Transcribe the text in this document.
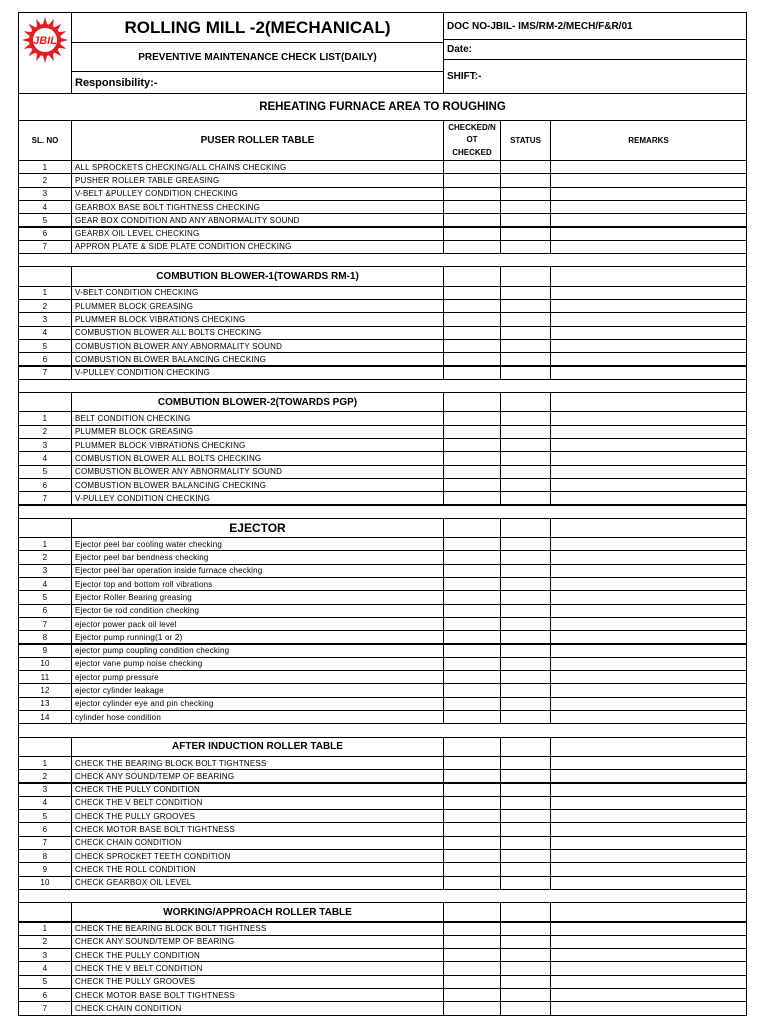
JBIL
ROLLING MILL -2(MECHANICAL)
PREVENTIVE MAINTENANCE CHECK LIST(DAILY)
Responsibility:-
DOC NO-JBIL- IMS/RM-2/MECH/F&R/01
Date:
SHIFT:-
REHEATING FURNACE AREA TO ROUGHING
SL. NO	PUSER ROLLER TABLE
CHECKED/N
OT
CHECKED
STATUS	REMARKS
1	ALL SPROCKETS CHECKING/ALL CHAINS CHECKING
2	PUSHER ROLLER TABLE GREASING
3	V-BELT &PULLEY CONDITION CHECKING
4	GEARBOX BASE BOLT TIGHTNESS CHECKING
5	GEAR BOX CONDITION AND ANY ABNORMALITY SOUND
6	GEARBX OIL LEVEL CHECKING
7	APPRON PLATE & SIDE PLATE CONDITION CHECKING
COMBUTION BLOWER-1(TOWARDS RM-1)
1	V-BELT CONDITION CHECKING
2	PLUMMER BLOCK GREASING
3	PLUMMER BLOCK VIBRATIONS CHECKING
4	COMBUSTION BLOWER ALL BOLTS CHECKING
5	COMBUSTION BLOWER ANY ABNORMALITY SOUND
6	COMBUSTION BLOWER BALANCING CHECKING
7	V-PULLEY CONDITION CHECKING
COMBUTION BLOWER-2(TOWARDS PGP)
1	BELT CONDITION CHECKING
2	PLUMMER BLOCK GREASING
3	PLUMMER BLOCK VIBRATIONS CHECKING
4	COMBUSTION BLOWER ALL BOLTS CHECKING
5	COMBUSTION BLOWER ANY ABNORMALITY SOUND
6	COMBUSTION BLOWER BALANCING CHECKING
7	V-PULLEY CONDITION CHECKING
EJECTOR
1	Ejector peel bar cooling water checking
2	Ejector peel bar bendness checking
3	Ejector peel bar operation inside furnace checking
4	Ejector top and bottom roll vibrations
5	Ejector Roller Bearing greasing
6	Ejector tie rod condition checking
7	ejector power pack oil level
8	Ejector pump running(1 or 2)
9	ejector pump coupling condition checking
10	ejector vane pump noise checking
11	ejector pump pressure
12	ejector cylinder leakage
13	ejector cylinder eye and pin checking
14	cylinder hose condition
AFTER INDUCTION ROLLER TABLE
1	CHECK THE BEARING BLOCK BOLT TIGHTNESS
2	CHECK ANY SOUND/TEMP OF BEARING
3	CHECK THE PULLY CONDITION
4	CHECK THE V BELT CONDITION
5	CHECK THE PULLY GROOVES
6	CHECK MOTOR BASE BOLT TIGHTNESS
7	CHECK CHAIN CONDITION
8	CHECK SPROCKET TEETH CONDITION
9	CHECK THE ROLL CONDITION
10	CHECK GEARBOX OIL LEVEL
WORKING/APPROACH ROLLER TABLE
1	CHECK THE BEARING BLOCK BOLT TIGHTNESS
2	CHECK ANY SOUND/TEMP OF BEARING
3	CHECK THE PULLY CONDITION
4	CHECK THE V BELT CONDITION
5	CHECK THE PULLY GROOVES
6	CHECK MOTOR BASE BOLT TIGHTNESS
7	CHECK CHAIN CONDITION
